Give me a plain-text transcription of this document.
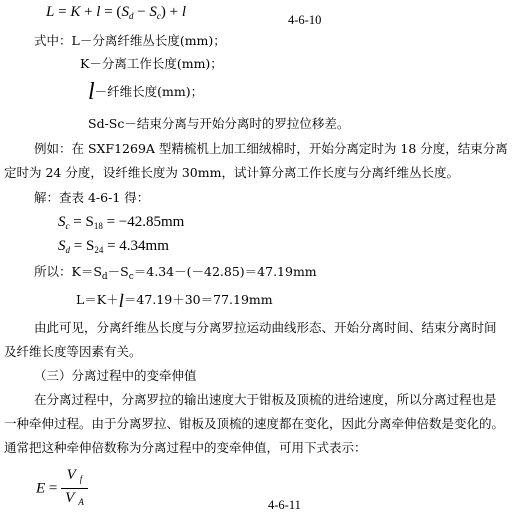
$L = K + l = (S_d - S_c) + l$	4-6-10
式中：L－分离纤维丛长度(mm)；
K－分离工作长度(mm)；
l－纤维长度(mm)；
Sd-Sc－结束分离与开始分离时的罗拉位移差。
例如：在 SXF1269A 型精梳机上加工细绒棉时，开始分离定时为 18 分度，结束分离
定时为 24 分度，设纤维长度为 30mm，试计算分离工作长度与分离纤维丛长度。
解：查表 4-6-1 得：
$S_c = S_{18} = -42.85mm$
$S_d = S_{24} = 4.34mm$
所以：$K=S_d-S_c=4.34-(-42.85)=47.19mm$
L＝K＋l＝47.19＋30＝77.19mm
由此可见，分离纤维丛长度与分离罗拉运动曲线形态、开始分离时间、结束分离时间
及纤维长度等因素有关。
（三）分离过程中的变牵伸值
在分离过程中，分离罗拉的输出速度大于钳板及顶梳的进给速度，所以分离过程也是
一种牵伸过程。由于分离罗拉、钳板及顶梳的速度都在变化，因此分离牵伸倍数是变化的。
通常把这种牵伸倍数称为分离过程中的变牵伸值，可用下式表示：
$E = \frac{V _f}{V _A}$	4-6-11
